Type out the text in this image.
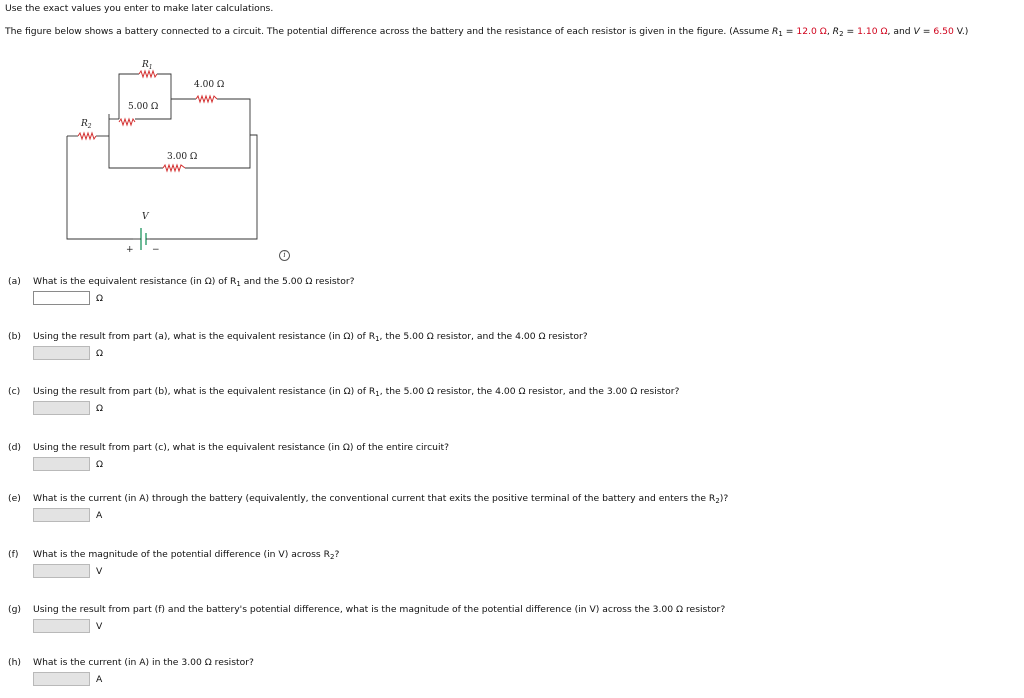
Use the exact values you enter to make later calculations.
The figure below shows a battery connected to a circuit. The potential difference across the battery and the resistance of each resistor is given in the figure. (Assume $R_1 = 12.0$ Ω, $R_2 = 1.10$ Ω, and V = 6.50 V.)
$R_1$
4.00 Ω
5.00 Ω
$R_2$
3.00 Ω
V
+ −	i
(a) What is the equivalent resistance (in Ω) of $R_1$ and the 5.00 Ω resistor?
Ω
(b) Using the result from part (a), what is the equivalent resistance (in Ω) of $R_1$, the 5.00 Ω resistor, and the 4.00 Ω resistor?
Ω
(c) Using the result from part (b), what is the equivalent resistance (in Ω) of $R_1$, the 5.00 Ω resistor, the 4.00 Ω resistor, and the 3.00 Ω resistor?
Ω
(d) Using the result from part (c), what is the equivalent resistance (in Ω) of the entire circuit?
Ω
(e) What is the current (in A) through the battery (equivalently, the conventional current that exits the positive terminal of the battery and enters the $R_2$)?
A
(f) What is the magnitude of the potential difference (in V) across $R_2$?
V
(g) Using the result from part (f) and the battery's potential difference, what is the magnitude of the potential difference (in V) across the 3.00 Ω resistor?
V
(h) What is the current (in A) in the 3.00 Ω resistor?
A
